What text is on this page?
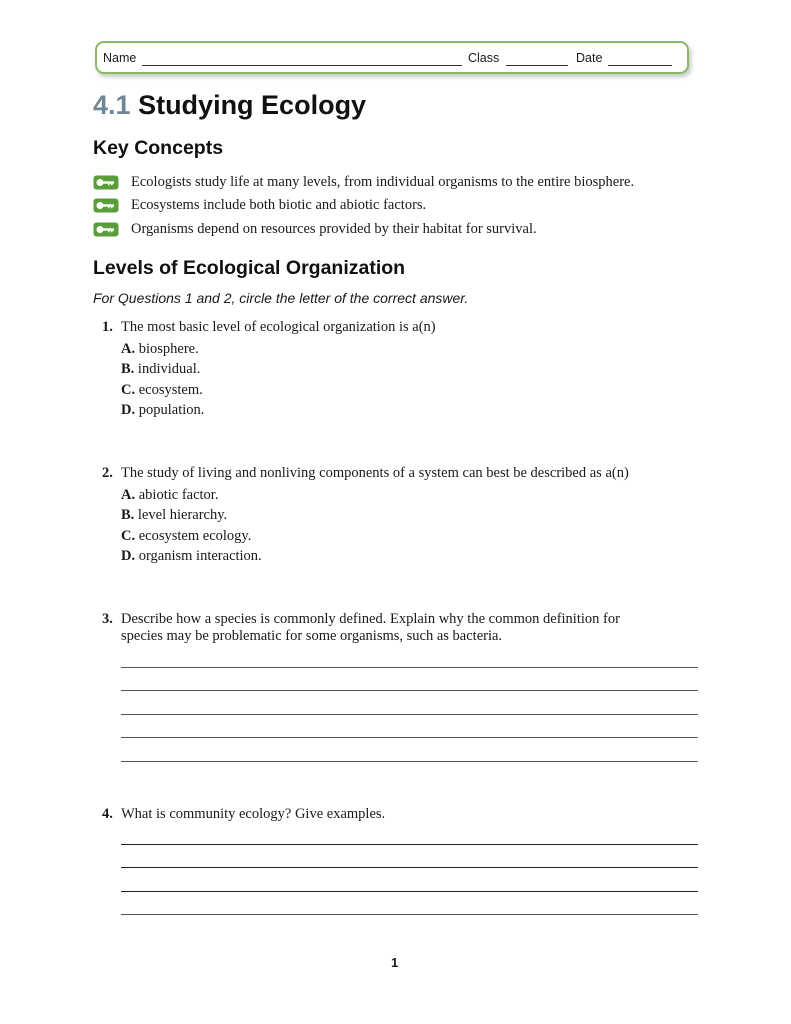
Name	Class	Date
4.1 Studying Ecology
Key Concepts
Ecologists study life at many levels, from individual organisms to the entire biosphere.
Ecosystems include both biotic and abiotic factors.
Organisms depend on resources provided by their habitat for survival.
Levels of Ecological Organization
For Questions 1 and 2, circle the letter of the correct answer.
1. The most basic level of ecological organization is a(n)
A. biosphere.
B. individual.
C. ecosystem.
D. population.
2. The study of living and nonliving components of a system can best be described as a(n)
A. abiotic factor.
B. level hierarchy.
C. ecosystem ecology.
D. organism interaction.
3. Describe how a species is commonly defined. Explain why the common definition for species may be problematic for some organisms, such as bacteria.
4. What is community ecology? Give examples.
1
